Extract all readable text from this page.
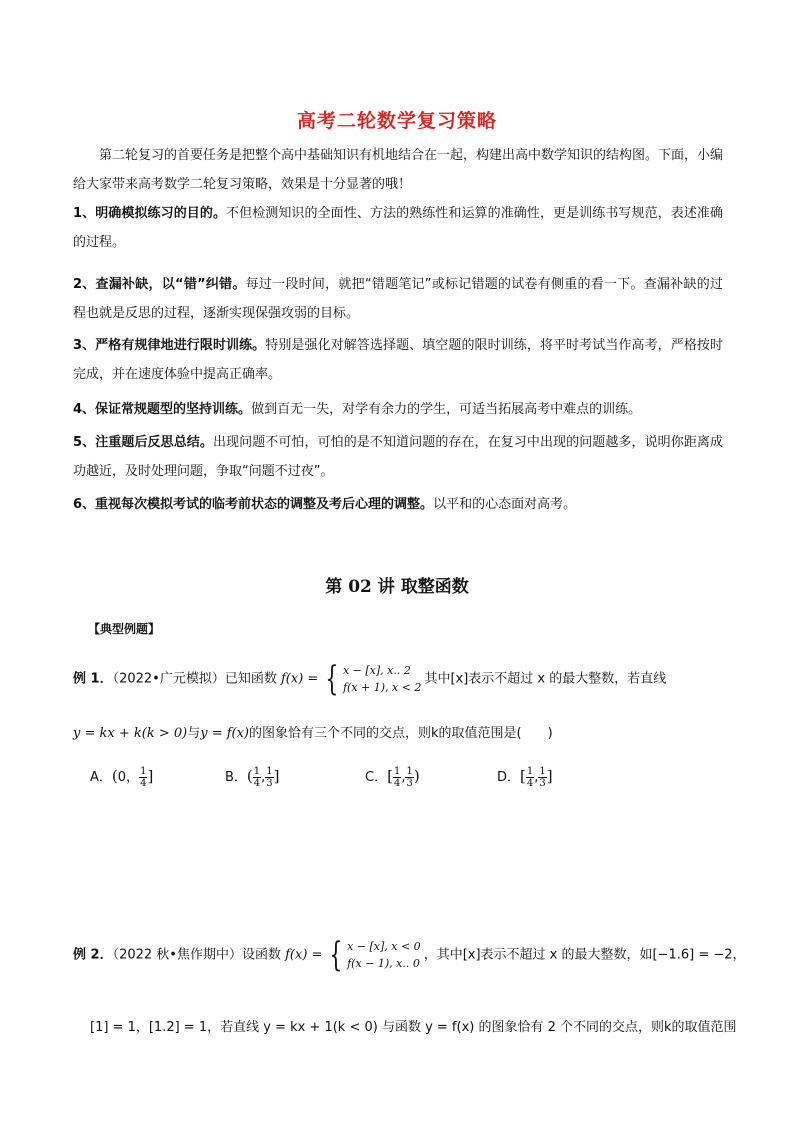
高考二轮数学复习策略
第二轮复习的首要任务是把整个高中基础知识有机地结合在一起，构建出高中数学知识的结构图。下面，小编给大家带来高考数学二轮复习策略，效果是十分显著的哦！
1、明确模拟练习的目的。不但检测知识的全面性、方法的熟练性和运算的准确性，更是训练书写规范，表述准确的过程。
2、查漏补缺，以“错”纠错。每过一段时间，就把“错题笔记”或标记错题的试卷有侧重的看一下。查漏补缺的过程也就是反思的过程，逐渐实现保强攻弱的目标。
3、严格有规律地进行限时训练。特别是强化对解答选择题、填空题的限时训练，将平时考试当作高考，严格按时完成，并在速度体验中提高正确率。
4、保证常规题型的坚持训练。做到百无一失，对学有余力的学生，可适当拓展高考中难点的训练。
5、注重题后反思总结。出现问题不可怕，可怕的是不知道问题的存在，在复习中出现的问题越多，说明你距离成功越近，及时处理问题，争取“问题不过夜”。
6、重视每次模拟考试的临考前状态的调整及考后心理的调整。以平和的心态面对高考。
第 02 讲 取整函数
【典型例题】
例 1．（2022•广元模拟）已知函数 f(x) = { x − [x], x.. 2
f(x + 1), x < 2
其中[x]表示不超过 x 的最大整数，若直线
y = kx + k(k > 0)与y = f(x)的图象恰有三个不同的交点，则k的取值范围是(　　)
A．(0， $\frac{1}{4}$ ]	B．( $\frac{1}{4}$ , $\frac{1}{3}$ ]	C．[ $\frac{1}{4}$ , $\frac{1}{3}$ )	D．[ $\frac{1}{4}$ , $\frac{1}{3}$ ]
例 2．（2022 秋•焦作期中）设函数 f(x) = { x − [x], x < 0
f(x − 1), x.. 0
，其中[x]表示不超过 x 的最大整数，如[−1.6] = −2，
[1] = 1，[1.2] = 1，若直线 y = kx + 1(k < 0) 与函数 y = f(x) 的图象恰有 2 个不同的交点，则k的取值范围
